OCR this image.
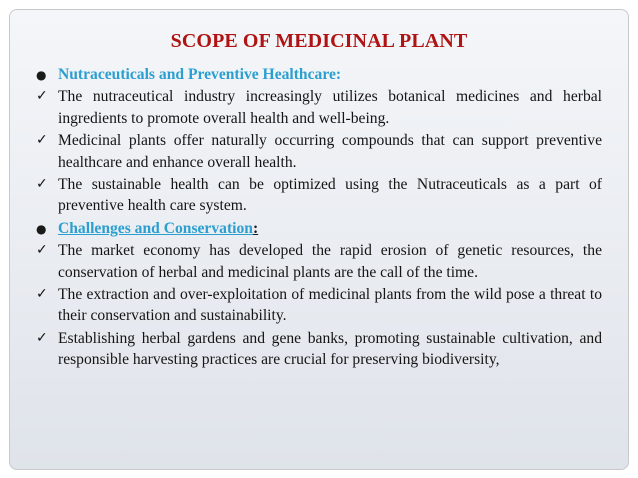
SCOPE OF MEDICINAL PLANT
● Nutraceuticals and Preventive Healthcare:
✓ The nutraceutical industry increasingly utilizes botanical medicines and herbal ingredients to promote overall health and well-being.
✓ Medicinal plants offer naturally occurring compounds that can support preventive healthcare and enhance overall health.
✓ The sustainable health can be optimized using the Nutraceuticals as a part of preventive health care system.
● Challenges and Conservation:
✓ The market economy has developed the rapid erosion of genetic resources, the conservation of herbal and medicinal plants are the call of the time.
✓ The extraction and over-exploitation of medicinal plants from the wild pose a threat to their conservation and sustainability.
✓ Establishing herbal gardens and gene banks, promoting sustainable cultivation, and responsible harvesting practices are crucial for preserving biodiversity,
